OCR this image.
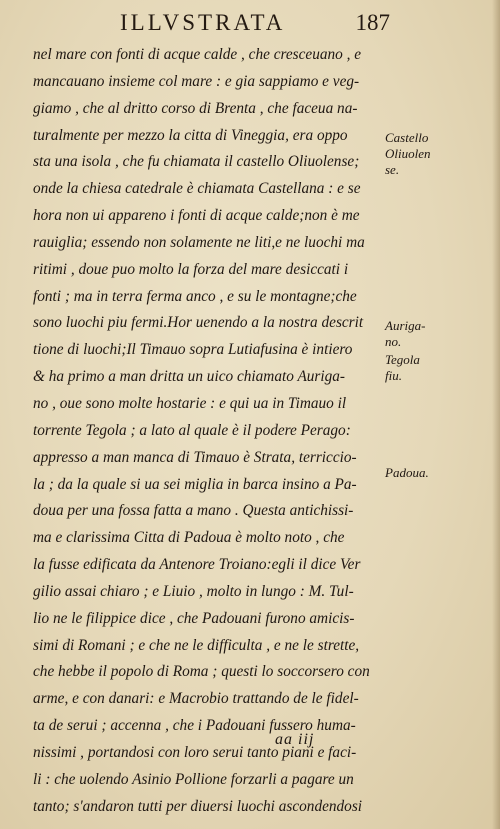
ILLVSTRATA	187
nel mare con fonti di acque calde , che cresceuano , e
mancauano insieme col mare : e gia sappiamo e veg-
giamo , che al dritto corso di Brenta , che faceua na-
turalmente per mezzo la citta di Vineggia, era oppo
sta una isola , che fu chiamata il castello Oliuolense;
onde la chiesa catedrale è chiamata Castellana : e se
hora non ui appareno i fonti di acque calde;non è me
rauiglia; essendo non solamente ne liti,e ne luochi ma
ritimi , doue puo molto la forza del mare desiccati i
fonti ; ma in terra ferma anco , e su le montagne;che
sono luochi piu fermi.Hor uenendo a la nostra descrit
tione di luochi;Il Timauo sopra Lutiafusina è intiero
& ha primo a man dritta un uico chiamato Auriga-
no , oue sono molte hostarie : e qui ua in Timauo il
torrente Tegola ; a lato al quale è il podere Perago:
appresso a man manca di Timauo è Strata, terriccio-
la ; da la quale si ua sei miglia in barca insino a Pa-
doua per una fossa fatta a mano . Questa antichissi-
ma e clarissima Citta di Padoua è molto noto , che
la fusse edificata da Antenore Troiano:egli il dice Ver
gilio assai chiaro ; e Liuio , molto in lungo : M. Tul-
lio ne le filippice dice , che Padouani furono amicis-
simi di Romani ; e che ne le difficulta , e ne le strette,
che hebbe il popolo di Roma ; questi lo soccorsero con
arme, e con danari: e Macrobio trattando de le fidel-
ta de serui ; accenna , che i Padouani fussero huma-
nissimi , portandosi con loro serui tanto piani e faci-
li : che uolendo Asinio Pollione forzarli a pagare un
tanto; s'andaron tutti per diuersi luochi ascondendosi
Castello
Oliuolen
se.
Auriga-
no.
Tegola
fiu.
Padoua.
aa iij
